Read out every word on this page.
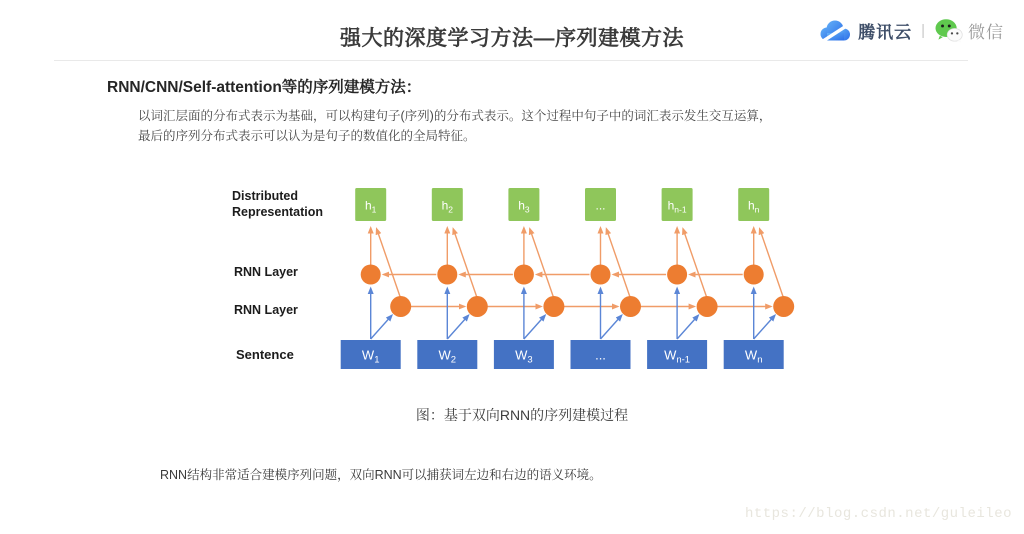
强大的深度学习方法—序列建模方法	腾讯云 |	微信
RNN/CNN/Self-attention等的序列建模方法：
以词汇层面的分布式表示为基础，可以构建句子(序列)的分布式表示。这个过程中句子中的词汇表示发生交互运算，
最后的序列分布式表示可以认为是句子的数值化的全局特征。
Distributed Representation
RNN Layer
RNN Layer
Sentence
$h_1$
$W_1$
$h_2$
$W_2$
$h_3$
$W_3$
...
...
$h_{n-1}$
$W_{n-1}$
$h_n$
$W_n$
图：基于双向RNN的序列建模过程
RNN结构非常适合建模序列问题，双向RNN可以捕获词左边和右边的语义环境。
https://blog.csdn.net/guleileo
